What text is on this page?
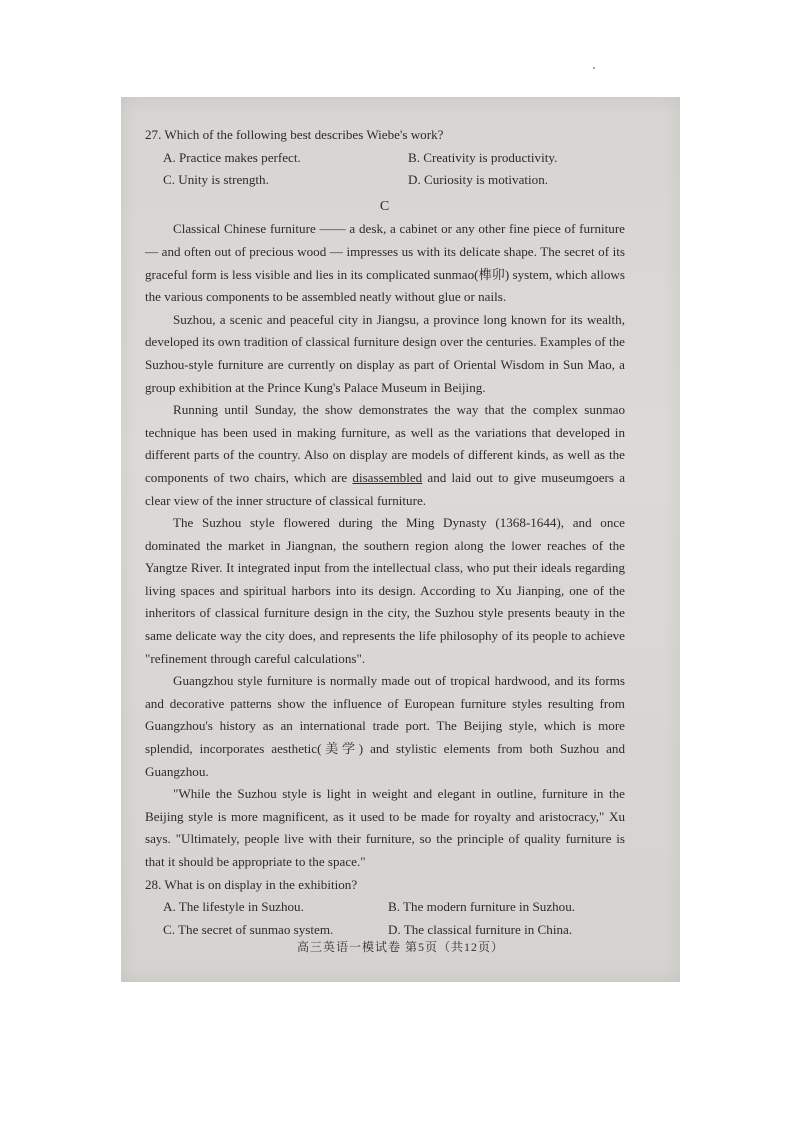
27. Which of the following best describes Wiebe's work?

A. Practice makes perfect.	B. Creativity is productivity.
C. Unity is strength.	D. Curiosity is motivation.
C

Classical Chinese furniture —— a desk, a cabinet or any other fine piece of furniture — and often out of precious wood — impresses us with its delicate shape. The secret of its graceful form is less visible and lies in its complicated sunmao(榫卯) system, which allows the various components to be assembled neatly without glue or nails.

Suzhou, a scenic and peaceful city in Jiangsu, a province long known for its wealth, developed its own tradition of classical furniture design over the centuries. Examples of the Suzhou-style furniture are currently on display as part of Oriental Wisdom in Sun Mao, a group exhibition at the Prince Kung's Palace Museum in Beijing.

Running until Sunday, the show demonstrates the way that the complex sunmao technique has been used in making furniture, as well as the variations that developed in different parts of the country. Also on display are models of different kinds, as well as the components of two chairs, which are disassembled and laid out to give museumgoers a clear view of the inner structure of classical furniture.

The Suzhou style flowered during the Ming Dynasty (1368-1644), and once dominated the market in Jiangnan, the southern region along the lower reaches of the Yangtze River. It integrated input from the intellectual class, who put their ideals regarding living spaces and spiritual harbors into its design. According to Xu Jianping, one of the inheritors of classical furniture design in the city, the Suzhou style presents beauty in the same delicate way the city does, and represents the life philosophy of its people to achieve "refinement through careful calculations".

Guangzhou style furniture is normally made out of tropical hardwood, and its forms and decorative patterns show the influence of European furniture styles resulting from Guangzhou's history as an international trade port. The Beijing style, which is more splendid, incorporates aesthetic(美学) and stylistic elements from both Suzhou and Guangzhou.

"While the Suzhou style is light in weight and elegant in outline, furniture in the Beijing style is more magnificent, as it used to be made for royalty and aristocracy," Xu says. "Ultimately, people live with their furniture, so the principle of quality furniture is that it should be appropriate to the space."

28. What is on display in the exhibition?

A. The lifestyle in Suzhou.	B. The modern furniture in Suzhou.
C. The secret of sunmao system.	D. The classical furniture in China.
高三英语一模试卷 第5页（共12页）
